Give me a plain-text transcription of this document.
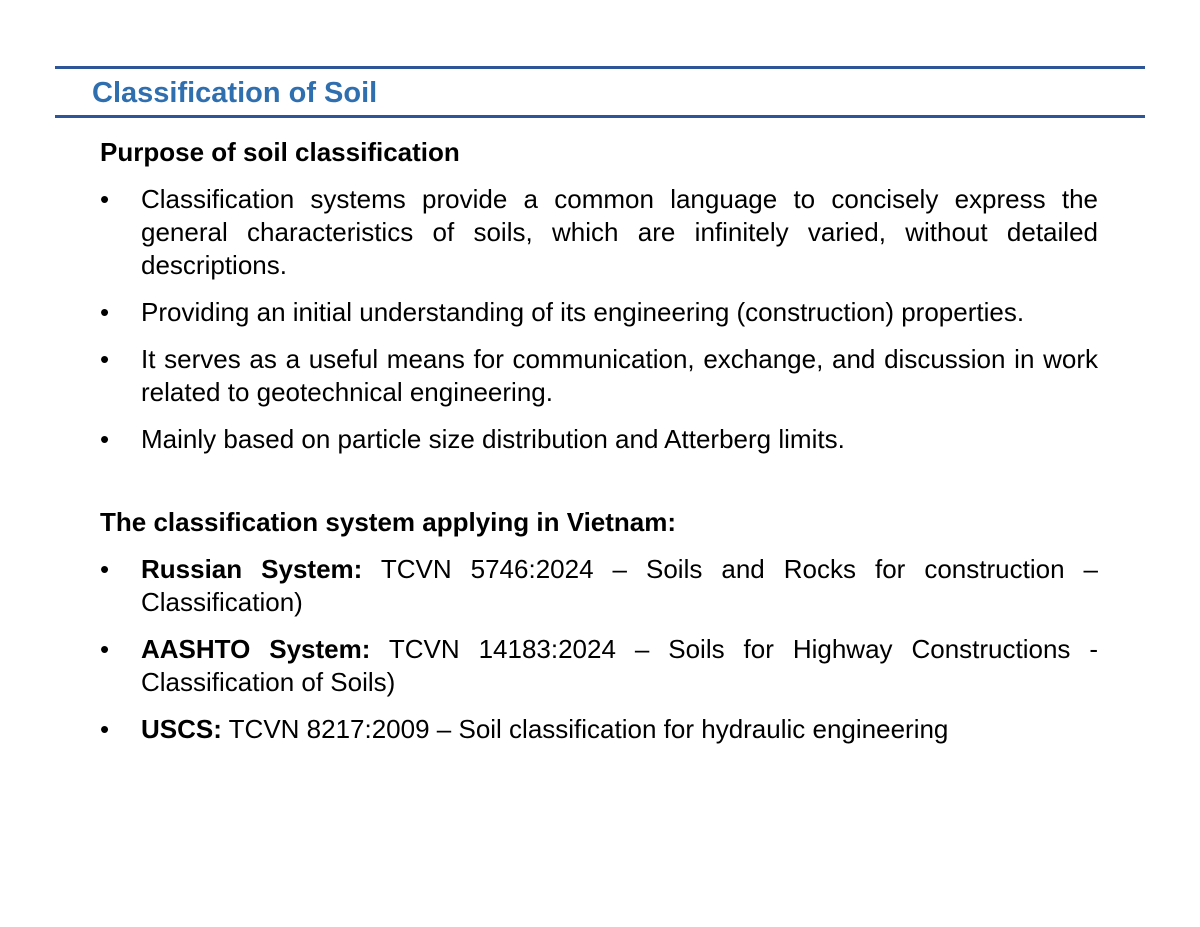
Classification of Soil

Purpose of soil classification

• Classification systems provide a common language to concisely express the general characteristics of soils, which are infinitely varied, without detailed descriptions.
• Providing an initial understanding of its engineering (construction) properties.
• It serves as a useful means for communication, exchange, and discussion in work related to geotechnical engineering.
• Mainly based on particle size distribution and Atterberg limits.

The classification system applying in Vietnam:

• Russian System: TCVN 5746:2024 – Soils and Rocks for construction – Classification)
• AASHTO System: TCVN 14183:2024 – Soils for Highway Constructions - Classification of Soils)
• USCS: TCVN 8217:2009 – Soil classification for hydraulic engineering
